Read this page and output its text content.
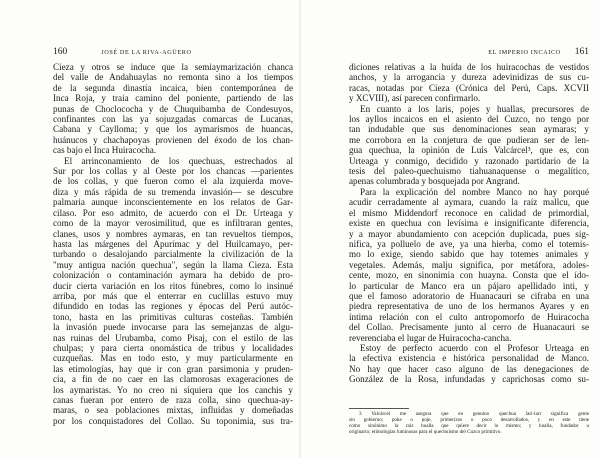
160	JOSÉ DE LA RIVA-AGÜERO
Cieza y otros se induce que la semiaymarización chanca
del valle de Andahuaylas no remonta sino a los tiempos
de la segunda dinastía incaica, bien contemporánea de
Inca Roja, y traía camino del poniente, partiendo de las
punas de Chocl​ococha y de Chuquibamba de Condesuyos,
confinantes con las ya sojuzgadas comarcas de Lucanas,
Cabana y Caylloma; y que los aymarismos de huancas,
huánucos y chachapoyas provienen del éxodo de los chan-
cas bajo el Inca Huiracocha.
El arrinconamiento de los quechuas, estrechados al
Sur por los collas y al Oeste por los chancas —parientes
de los collas, y que fueron como el ala izquierda move-
diza y más rápida de su tremenda invasión— se descubre
palmaria aunque inconscientemente en los relatos de Gar-
cilaso. Por eso admito, de acuerdo con el Dr. Urteaga y
como de la mayor verosimilitud, que es infiltraran gentes,
clanes, usos y nombres aymaras, en tan revueltos tiempos,
hasta las márgenes del Apurímac y del Huilcamayo, per-
turbando o desalojando parcialmente la civilización de la
"muy antigua nación quechua", según la llama Cieza. Esta
colonización o contaminación aymara ha debido de pro-
ducir cierta variación en los ritos fúnebres, como lo insinué
arriba, por más que el enterrar en cuclillas estuvo muy
difundido en todas las regiones y épocas del Perú autóc-
tono, hasta en las primitivas culturas costeñas. También
la invasión puede invocarse para las semejanzas de algu-
nas ruinas del Urubamba, como Pisaj, con el estilo de las
chulpas; y para cierta onomástica de tribus y localidades
cuzqueñas. Mas en todo esto, y muy particularmente en
las etimologías, hay que ir con gran parsimonia y pruden-
cia, a fin de no caer en las clamorosas exageraciones de
los aymaristas. Yo no creo ni siquiera que los canchis y
canas fueran por entero de raza colla, sino quechua-ay-
maras, o sea poblaciones mixtas, influidas y domeñadas
por los conquistadores del Collao. Su toponimia, sus tra-
EL IMPERIO INCAICO 161
diciones relativas a la huída de los huiracochas de vestidos
anchos, y la arrogancia y dureza adevinidizas de sus cu-
racas, notadas por Cieza (Crónica del Perú, Caps. XCVII
y XCVIII), así parecen confirmarlo.
En cuanto a los laris, pojes y huallas, precursores de
los ayllos incaicos en el asiento del Cuzco, no tengo por
tan indudable que sus denominaciones sean aymaras; y
me corrobora en la conjetura de que pudieran ser de len-
gua quechua, la opinión de Luis Valcárcel³, que es, con
Urteaga y conmigo, decidido y razonado partidario de la
tesis del paleo-quechuismo tiahuanaquense o megalítico,
apenas columbrada y bosquejada por Angrand.
Para la explicación del nombre Manco no hay porqué
acudir cerradamente al aymara, cuando la raíz mallcu, que
el mismo Middendorf reconoce en calidad de primordial,
existe en quechua con levísima e insignificante diferencia,
y a mayor abundamiento con acepción duplicada, pues sig-
nifica, ya polluelo de ave, ya una hierba, como el totemis-
mo lo exige, siendo sabido que hay totemes animales y
vegetales. Además, malju significa, por metáfora, adoles-
cente, mozo, en sinonimia con huayna. Consta que el ído-
lo particular de Manco era un pájaro apellidado inti, y
que el famoso adoratorio de Huanacauri se cifraba en una
piedra representativa de uno de los hermanos Ayares y en
íntima relación con el culto antropomorfo de Huiracocha
del Collao. Precisamente junto al cerro de Huanacauri se
reverenciaba el lugar de Huiracocha-cancha.
Estoy de perfecto acuerdo con el Profesor Urteaga en
la efectiva existencia e histórica personalidad de Manco.
No hay que hacer caso alguno de las denegaciones de
González de la Rosa, infundadas y caprichosas como su-
3 Valcárcel me asegura que en genuino quechua lari-lari significa gente
sin gobierno; poke o poje, primerizos o poco desarrollados, y en este tiene
como sinónimo la raíz hualla que quiere decir lo mismo; y hualla, fundador u
originario; etimologías luminosas para el quechuismo del Cuzco primitivo.
